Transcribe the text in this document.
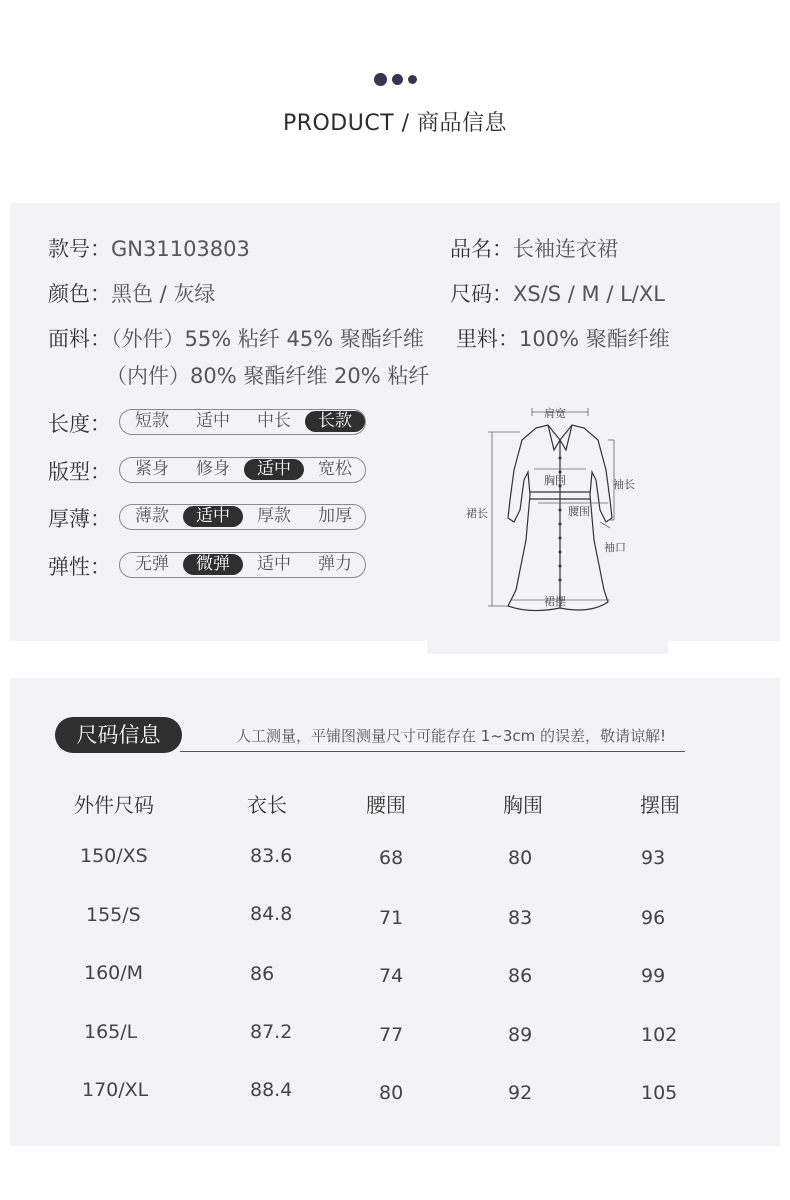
PRODUCT / 商品信息
款号：GN31103803	品名：长袖连衣裙
颜色：黑色 / 灰绿	尺码：XS/S / M / L/XL
面料：（外件）55% 粘纤 45% 聚酯纤维
（内件）80% 聚酯纤维 20% 粘纤
里料：100% 聚酯纤维
长度：	短款	适中	中长	长款
版型：	紧身	修身	适中	宽松
厚薄：	薄款	适中	厚款	加厚
弹性：	无弹	微弹	适中	弹力
肩宽
胸围	袖长
腰围
裙长
袖口
裙摆
尺码信息	人工测量，平铺图测量尺寸可能存在 1~3cm 的误差，敬请谅解!
外件尺码	衣长	腰围	胸围	摆围
150/XS	83.6	68	80	93
155/S	84.8	71	83	96
160/M	86	74	86	99
165/L	87.2	77	89	102
170/XL	88.4	80	92	105
